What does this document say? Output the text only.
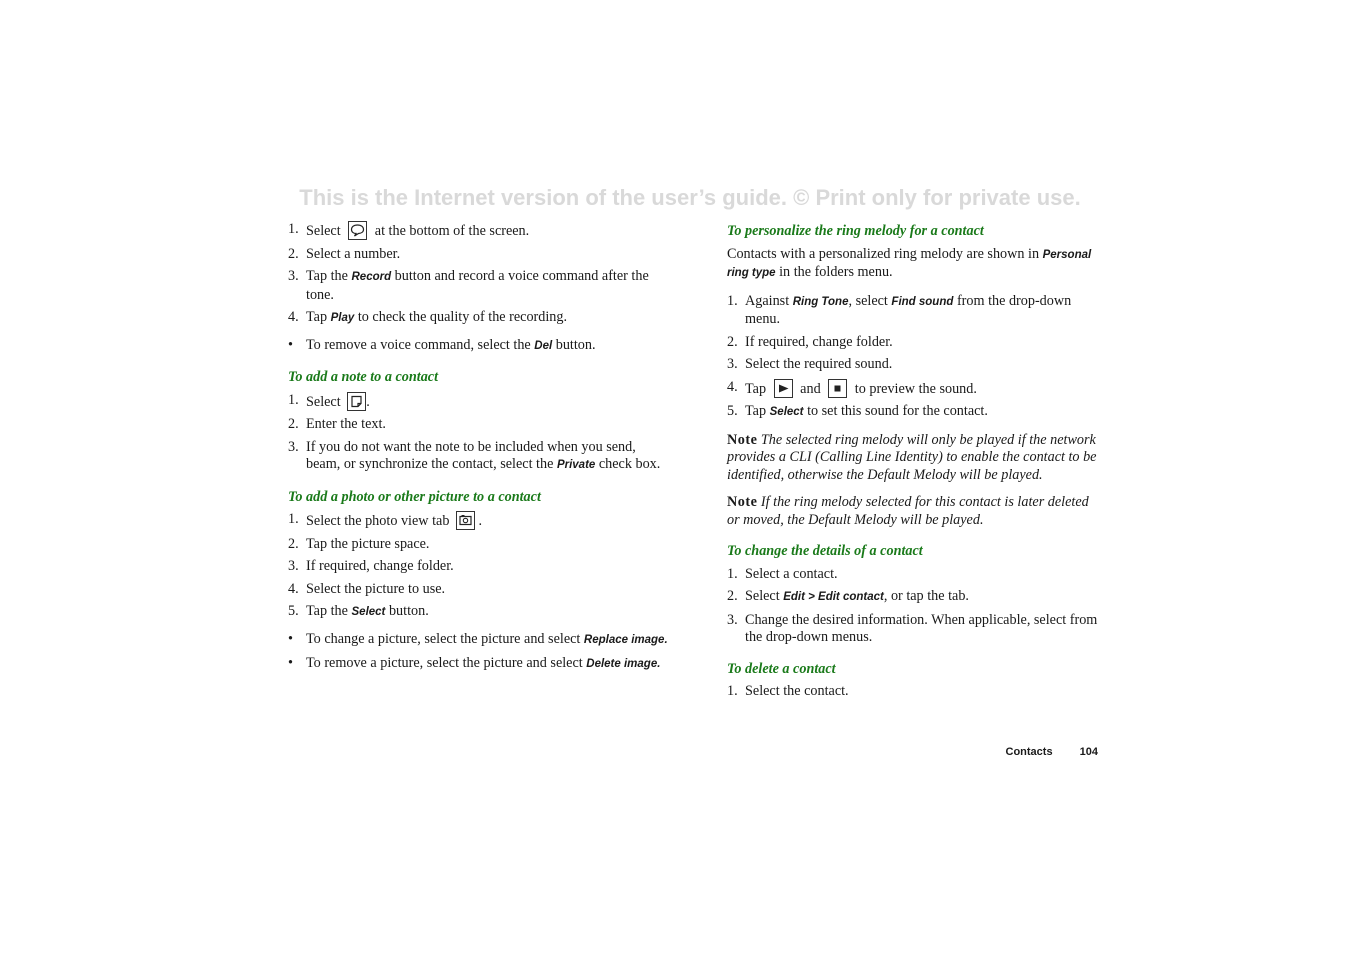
This is the Internet version of the user’s guide. © Print only for private use.
1. Select at the bottom of the screen.
2. Select a number.
3. Tap the Record button and record a voice command after the tone.
4. Tap Play to check the quality of the recording.
• To remove a voice command, select the Del button.
To add a note to a contact
1. Select .
2. Enter the text.
3. If you do not want the note to be included when you send, beam, or synchronize the contact, select the Private check box.
To add a photo or other picture to a contact
1. Select the photo view tab .
2. Tap the picture space.
3. If required, change folder.
4. Select the picture to use.
5. Tap the Select button.
• To change a picture, select the picture and select Replace image.
• To remove a picture, select the picture and select Delete image.
To personalize the ring melody for a contact

Contacts with a personalized ring melody are shown in Personal ring type in the folders menu.

1. Against Ring Tone, select Find sound from the drop-down menu.
2. If required, change folder.
3. Select the required sound.
4. Tap and to preview the sound.
5. Tap Select to set this sound for the contact.

Note The selected ring melody will only be played if the network provides a CLI (Calling Line Identity) to enable the contact to be identified, otherwise the Default Melody will be played.

Note If the ring melody selected for this contact is later deleted or moved, the Default Melody will be played.

To change the details of a contact
1. Select a contact.
2. Select Edit > Edit contact, or tap the tab.
3. Change the desired information. When applicable, select from the drop-down menus.
To delete a contact
1. Select the contact.
Contacts 104
